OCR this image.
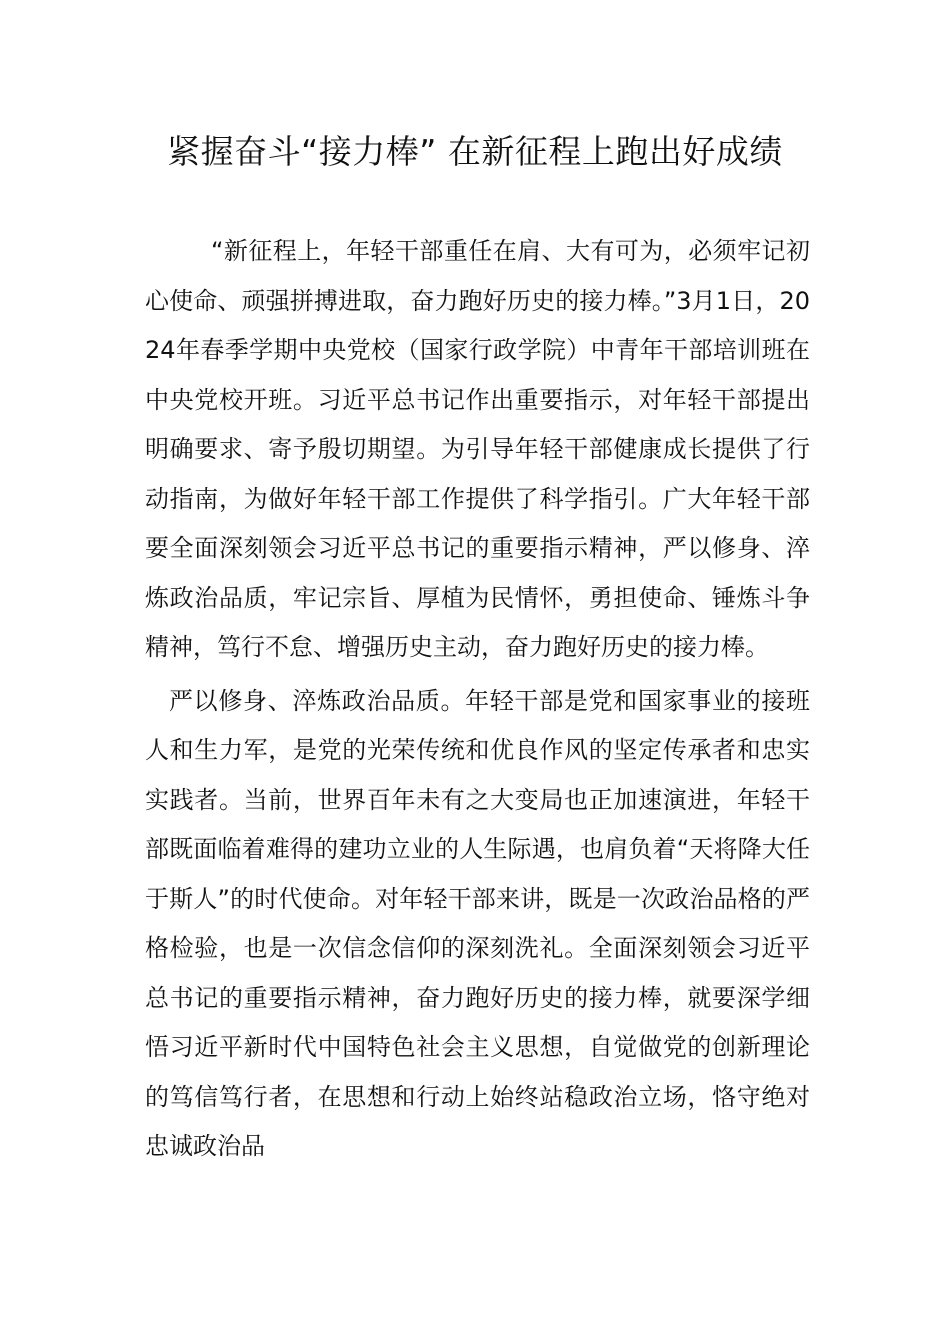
紧握奋斗“接力棒” 在新征程上跑出好成绩

“新征程上，年轻干部重任在肩、大有可为，必须牢记初心使命、顽强拼搏进取，奋力跑好历史的接力棒。”3月1日，2024年春季学期中央党校（国家行政学院）中青年干部培训班在中央党校开班。习近平总书记作出重要指示，对年轻干部提出明确要求、寄予殷切期望。为引导年轻干部健康成长提供了行动指南，为做好年轻干部工作提供了科学指引。广大年轻干部要全面深刻领会习近平总书记的重要指示精神，严以修身、淬炼政治品质，牢记宗旨、厚植为民情怀，勇担使命、锤炼斗争精神，笃行不怠、增强历史主动，奋力跑好历史的接力棒。

严以修身、淬炼政治品质。年轻干部是党和国家事业的接班人和生力军，是党的光荣传统和优良作风的坚定传承者和忠实实践者。当前，世界百年未有之大变局也正加速演进，年轻干部既面临着难得的建功立业的人生际遇，也肩负着“天将降大任于斯人”的时代使命。对年轻干部来讲，既是一次政治品格的严格检验，也是一次信念信仰的深刻洗礼。全面深刻领会习近平总书记的重要指示精神，奋力跑好历史的接力棒，就要深学细悟习近平新时代中国特色社会主义思想，自觉做党的创新理论的笃信笃行者，在思想和行动上始终站稳政治立场，恪守绝对忠诚政治品
